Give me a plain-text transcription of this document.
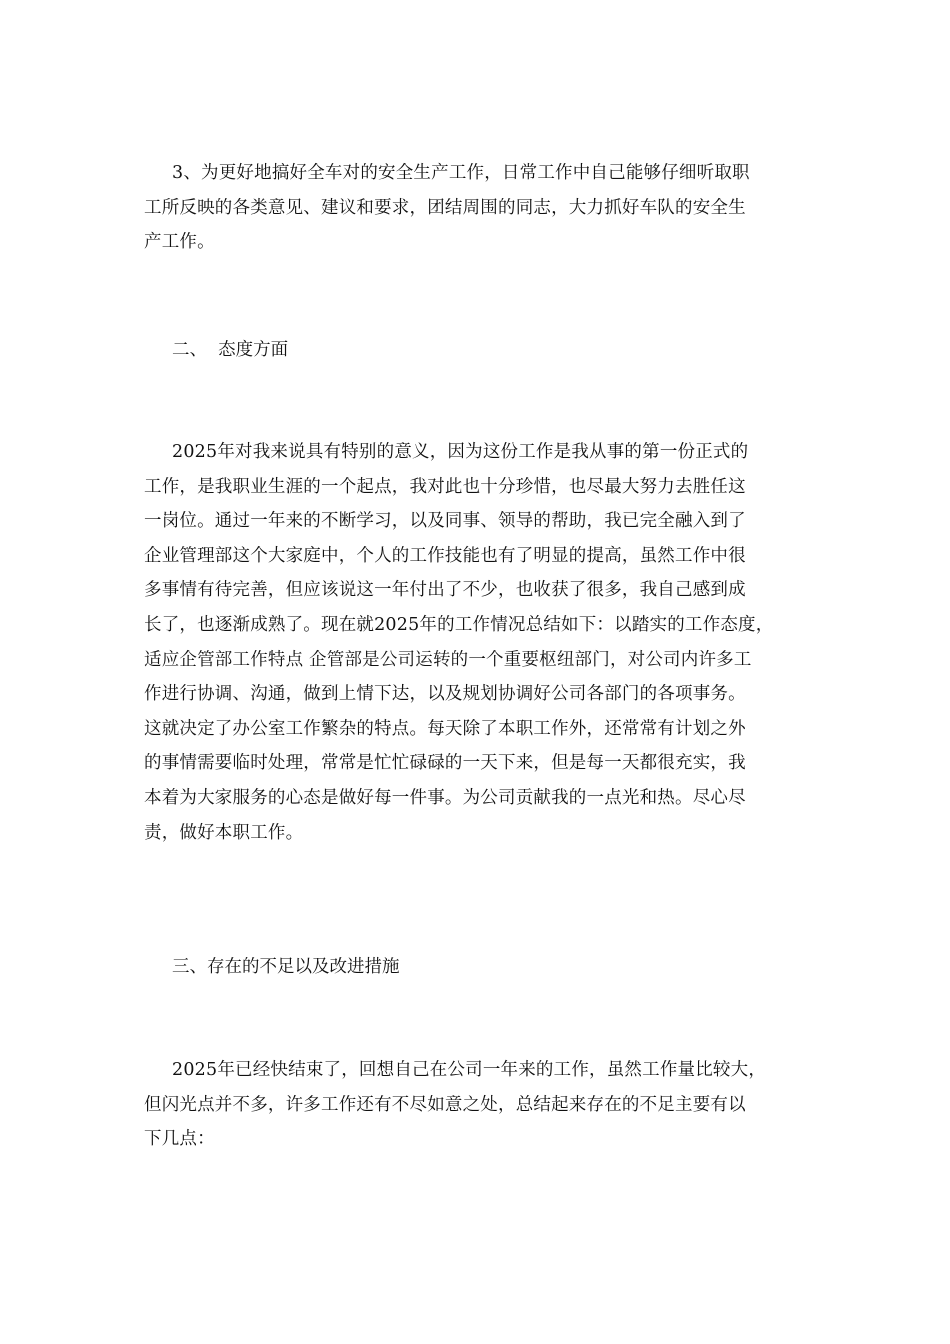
3、为更好地搞好全车对的安全生产工作，日常工作中自己能够仔细听取职
工所反映的各类意见、建议和要求，团结周围的同志，大力抓好车队的安全生
产工作。
二、  态度方面
2025年对我来说具有特别的意义，因为这份工作是我从事的第一份正式的
工作，是我职业生涯的一个起点，我对此也十分珍惜，也尽最大努力去胜任这
一岗位。通过一年来的不断学习，以及同事、领导的帮助，我已完全融入到了
企业管理部这个大家庭中，个人的工作技能也有了明显的提高，虽然工作中很
多事情有待完善，但应该说这一年付出了不少，也收获了很多，我自己感到成
长了，也逐渐成熟了。现在就2025年的工作情况总结如下：以踏实的工作态度，
适应企管部工作特点 企管部是公司运转的一个重要枢纽部门，对公司内许多工
作进行协调、沟通，做到上情下达，以及规划协调好公司各部门的各项事务。
这就决定了办公室工作繁杂的特点。每天除了本职工作外，还常常有计划之外
的事情需要临时处理，常常是忙忙碌碌的一天下来，但是每一天都很充实，我
本着为大家服务的心态是做好每一件事。为公司贡献我的一点光和热。尽心尽
责，做好本职工作。
三、存在的不足以及改进措施
2025年已经快结束了，回想自己在公司一年来的工作，虽然工作量比较大，
但闪光点并不多，许多工作还有不尽如意之处，总结起来存在的不足主要有以
下几点：
